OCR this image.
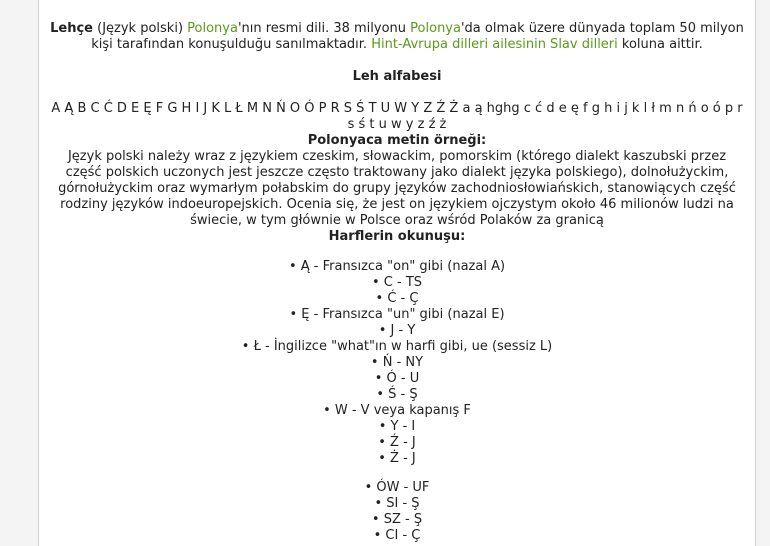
Lehçe (Język polski) Polonya'nın resmi dili. 38 milyonu Polonya'da olmak üzere dünyada toplam 50 milyon kişi tarafından konuşulduğu sanılmaktadır. Hint-Avrupa dilleri ailesinin Slav dilleri koluna aittir.
Leh alfabesi
A Ą B C Ć D E Ę F G H I J K L Ł M N Ń O Ó P R S Ś T U W Y Z Ź Ż a ą hghg c ć d e ę f g h i j k l ł m n ń o ó p r s ś t u w y z ź ż
Polonyaca metin örneği:
Język polski należy wraz z językiem czeskim, słowackim, pomorskim (którego dialekt kaszubski przez część polskich uczonych jest jeszcze często traktowany jako dialekt języka polskiego), dolnołużyckim, górnołużyckim oraz wymarłym połabskim do grupy języków zachodniosłowiańskich, stanowiących część rodziny języków indoeuropejskich. Ocenia się, że jest on językiem ojczystym około 46 milionów ludzi na świecie, w tym głównie w Polsce oraz wśród Polaków za granicą
Harflerin okunuşu:
• Ą - Fransızca "on" gibi (nazal A)
• C - TS
• Ć - Ç
• Ę - Fransızca "un" gibi (nazal E)
• J - Y
• Ł - İngilizce "what"ın w harfi gibi, ue (sessiz L)
• Ń - NY
• Ó - U
• Ś - Ş
• W - V veya kapanış F
• Y - I
• Ź - J
• Ż - J
• ÓW - UF
• SI - Ş
• SZ - Ş
• CI - Ç
